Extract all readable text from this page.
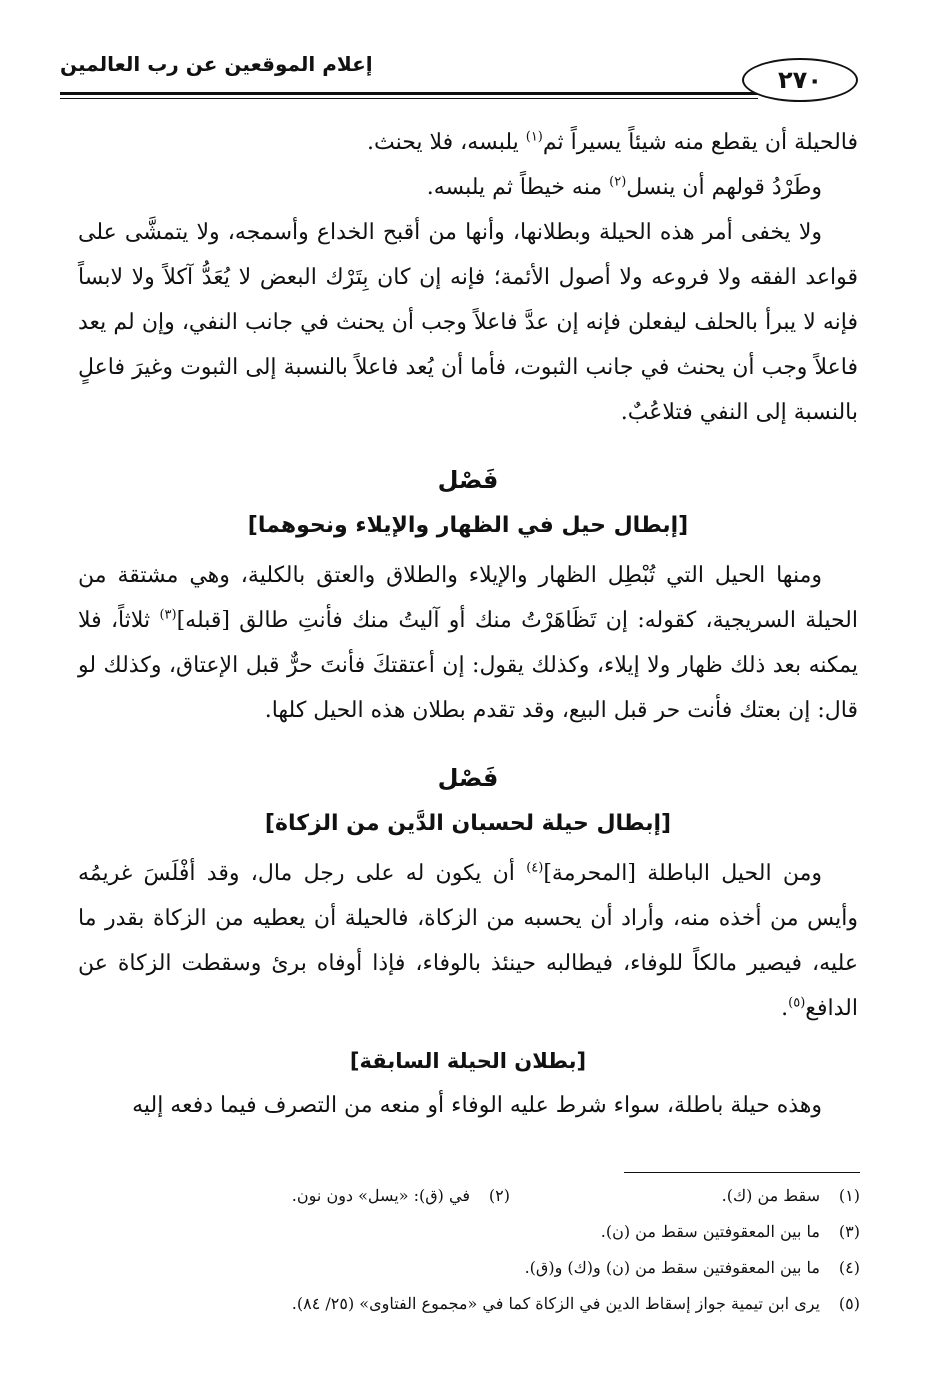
إعلام الموقعين عن رب العالمين
٢٧٠

فالحيلة أن يقطع منه شيئاً يسيراً ثم$^{(١)}$ يلبسه، فلا يحنث.

وطَرْدُ قولهم أن ينسل$^{(٢)}$ منه خيطاً ثم يلبسه.

ولا يخفى أمر هذه الحيلة وبطلانها، وأنها من أقبح الخداع وأسمجه، ولا يتمشَّى على قواعد الفقه ولا فروعه ولا أصول الأئمة؛ فإنه إن كان بِتَرْك البعض لا يُعَدُّ آكلاً ولا لابساً فإنه لا يبرأ بالحلف ليفعلن فإنه إن عدَّ فاعلاً وجب أن يحنث في جانب النفي، وإن لم يعد فاعلاً وجب أن يحنث في جانب الثبوت، فأما أن يُعد فاعلاً بالنسبة إلى الثبوت وغيرَ فاعلٍ بالنسبة إلى النفي فتلاعُبٌ.

فَصْل
[إبطال حيل في الظهار والإيلاء ونحوهما]

ومنها الحيل التي تُبْطِل الظهار والإيلاء والطلاق والعتق بالكلية، وهي مشتقة من الحيلة السريجية، كقوله: إن تَظَاهَرْتُ منك أو آليتُ منك فأنتِ طالق [قبله]$^{(٣)}$ ثلاثاً، فلا يمكنه بعد ذلك ظهار ولا إيلاء، وكذلك يقول: إن أعتقتكَ فأنتَ حرٌّ قبل الإعتاق، وكذلك لو قال: إن بعتك فأنت حر قبل البيع، وقد تقدم بطلان هذه الحيل كلها.

فَصْل
[إبطال حيلة لحسبان الدَّين من الزكاة]

ومن الحيل الباطلة [المحرمة]$^{(٤)}$ أن يكون له على رجل مال، وقد أفْلَسَ غريمُه وأيس من أخذه منه، وأراد أن يحسبه من الزكاة، فالحيلة أن يعطيه من الزكاة بقدر ما عليه، فيصير مالكاً للوفاء، فيطالبه حينئذ بالوفاء، فإذا أوفاه برئ وسقطت الزكاة عن الدافع$^{(٥)}$.

[بطلان الحيلة السابقة]

وهذه حيلة باطلة، سواء شرط عليه الوفاء أو منعه من التصرف فيما دفعه إليه

(١)
سقط من (ك).
(٢)
في (ق): «يسل» دون نون.
(٣)
ما بين المعقوفتين سقط من (ن).
(٤)
ما بين المعقوفتين سقط من (ن) و(ك) و(ق).
(٥)
يرى ابن تيمية جواز إسقاط الدين في الزكاة كما في «مجموع الفتاوى» (٢٥/ ٨٤).
